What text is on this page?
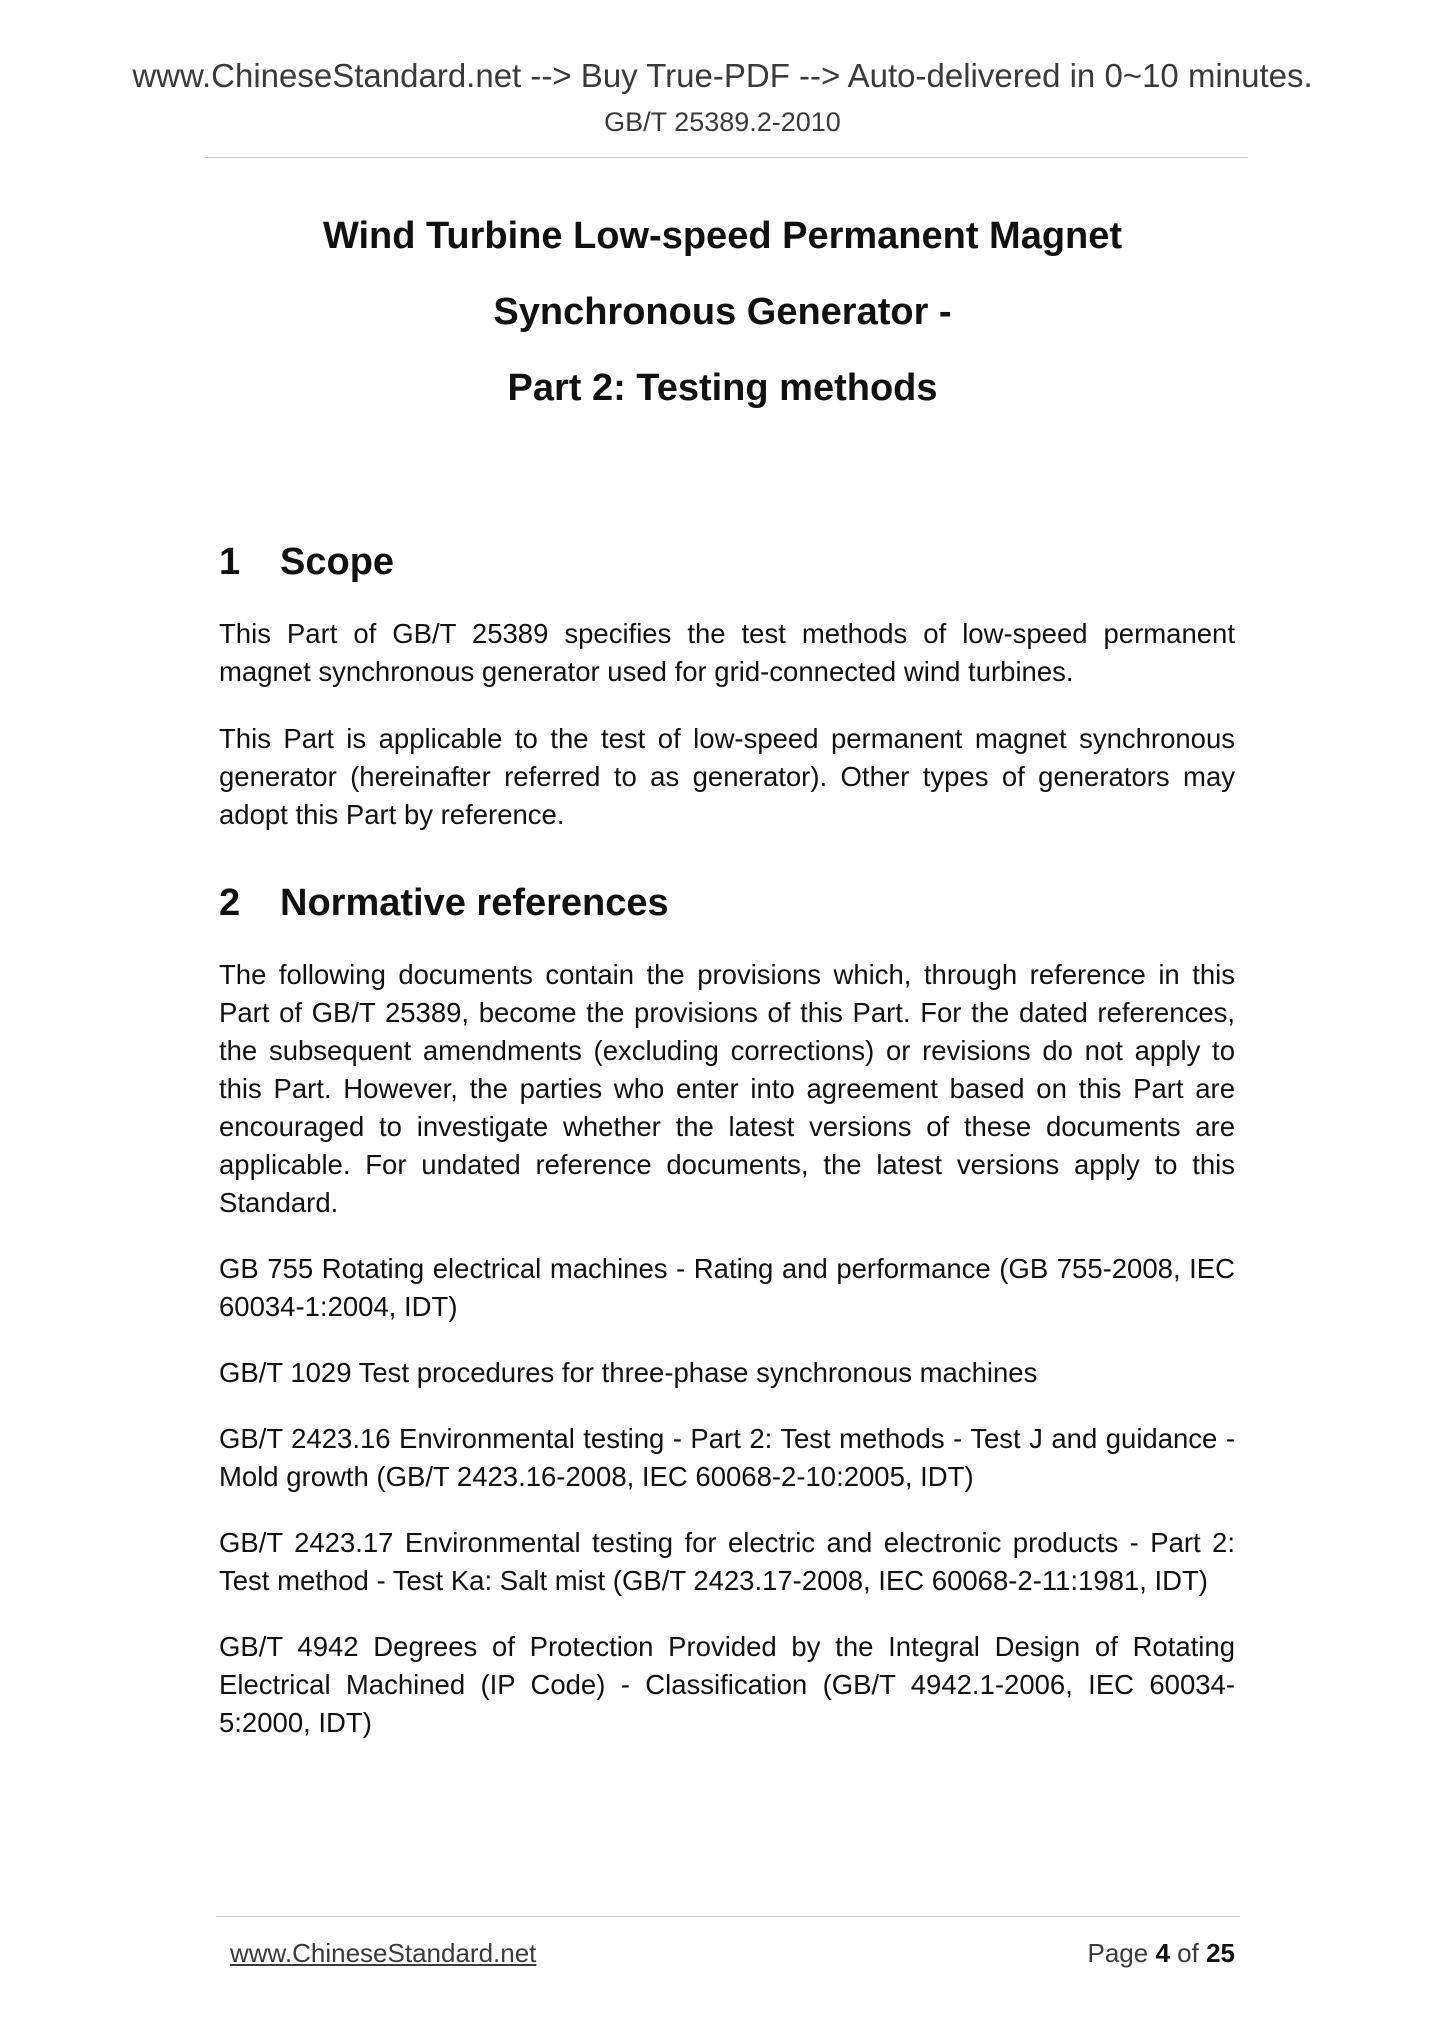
www.ChineseStandard.net --> Buy True-PDF --> Auto-delivered in 0~10 minutes.
GB/T 25389.2-2010
Wind Turbine Low-speed Permanent Magnet
Synchronous Generator -
Part 2: Testing methods
1	Scope

This Part of GB/T 25389 specifies the test methods of low-speed permanent magnet synchronous generator used for grid-connected wind turbines.

This Part is applicable to the test of low-speed permanent magnet synchronous generator (hereinafter referred to as generator). Other types of generators may adopt this Part by reference.

2	Normative references

The following documents contain the provisions which, through reference in this Part of GB/T 25389, become the provisions of this Part. For the dated references, the subsequent amendments (excluding corrections) or revisions do not apply to this Part. However, the parties who enter into agreement based on this Part are encouraged to investigate whether the latest versions of these documents are applicable. For undated reference documents, the latest versions apply to this Standard.

GB 755 Rotating electrical machines - Rating and performance (GB 755-2008, IEC 60034-1:2004, IDT)

GB/T 1029 Test procedures for three-phase synchronous machines

GB/T 2423.16 Environmental testing - Part 2: Test methods - Test J and guidance - Mold growth (GB/T 2423.16-2008, IEC 60068-2-10:2005, IDT)

GB/T 2423.17 Environmental testing for electric and electronic products - Part 2: Test method - Test Ka: Salt mist (GB/T 2423.17-2008, IEC 60068-2-11:1981, IDT)

GB/T 4942 Degrees of Protection Provided by the Integral Design of Rotating Electrical Machined (IP Code) - Classification (GB/T 4942.1-2006, IEC 60034-5:2000, IDT)

www.ChineseStandard.net	Page 4 of 25
